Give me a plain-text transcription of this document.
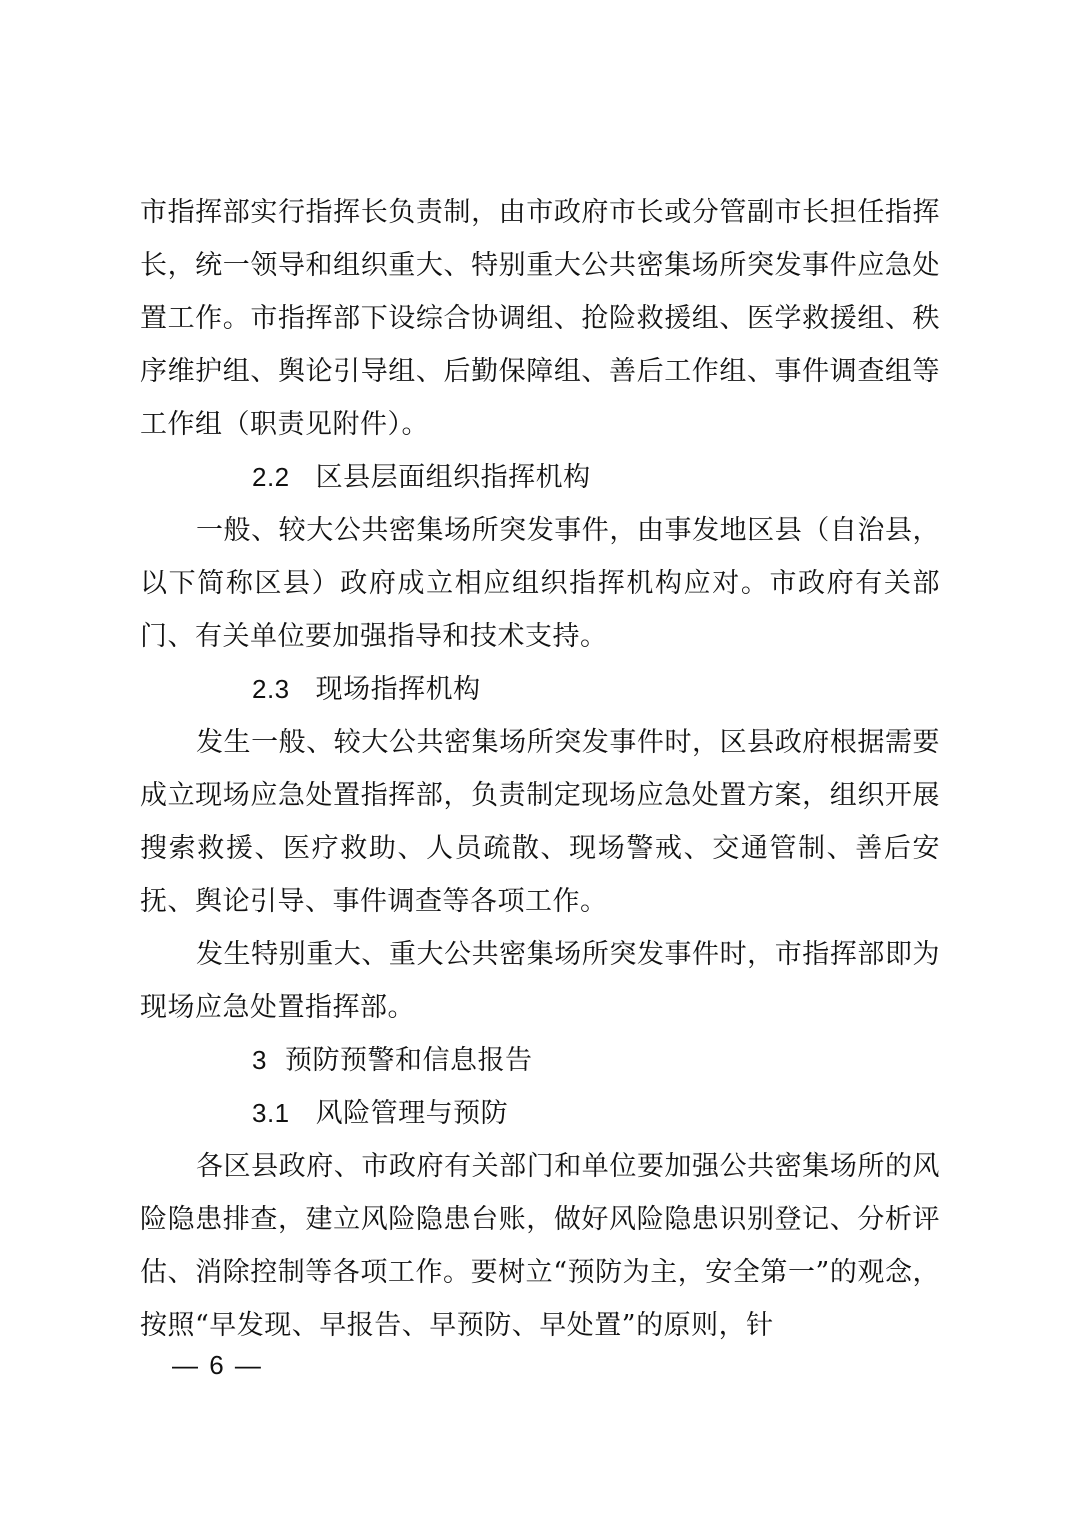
市指挥部实行指挥长负责制，由市政府市长或分管副市长担任指挥长，统一领导和组织重大、特别重大公共密集场所突发事件应急处置工作。市指挥部下设综合协调组、抢险救援组、医学救援组、秩序维护组、舆论引导组、后勤保障组、善后工作组、事件调查组等工作组（职责见附件）。

2.2 区县层面组织指挥机构

一般、较大公共密集场所突发事件，由事发地区县（自治县，以下简称区县）政府成立相应组织指挥机构应对。市政府有关部门、有关单位要加强指导和技术支持。

2.3 现场指挥机构

发生一般、较大公共密集场所突发事件时，区县政府根据需要成立现场应急处置指挥部，负责制定现场应急处置方案，组织开展搜索救援、医疗救助、人员疏散、现场警戒、交通管制、善后安抚、舆论引导、事件调查等各项工作。

发生特别重大、重大公共密集场所突发事件时，市指挥部即为现场应急处置指挥部。

3 预防预警和信息报告

3.1 风险管理与预防

各区县政府、市政府有关部门和单位要加强公共密集场所的风险隐患排查，建立风险隐患台账，做好风险隐患识别登记、分析评估、消除控制等各项工作。要树立“预防为主，安全第一”的观念，按照“早发现、早报告、早预防、早处置”的原则，针

— 6 —
